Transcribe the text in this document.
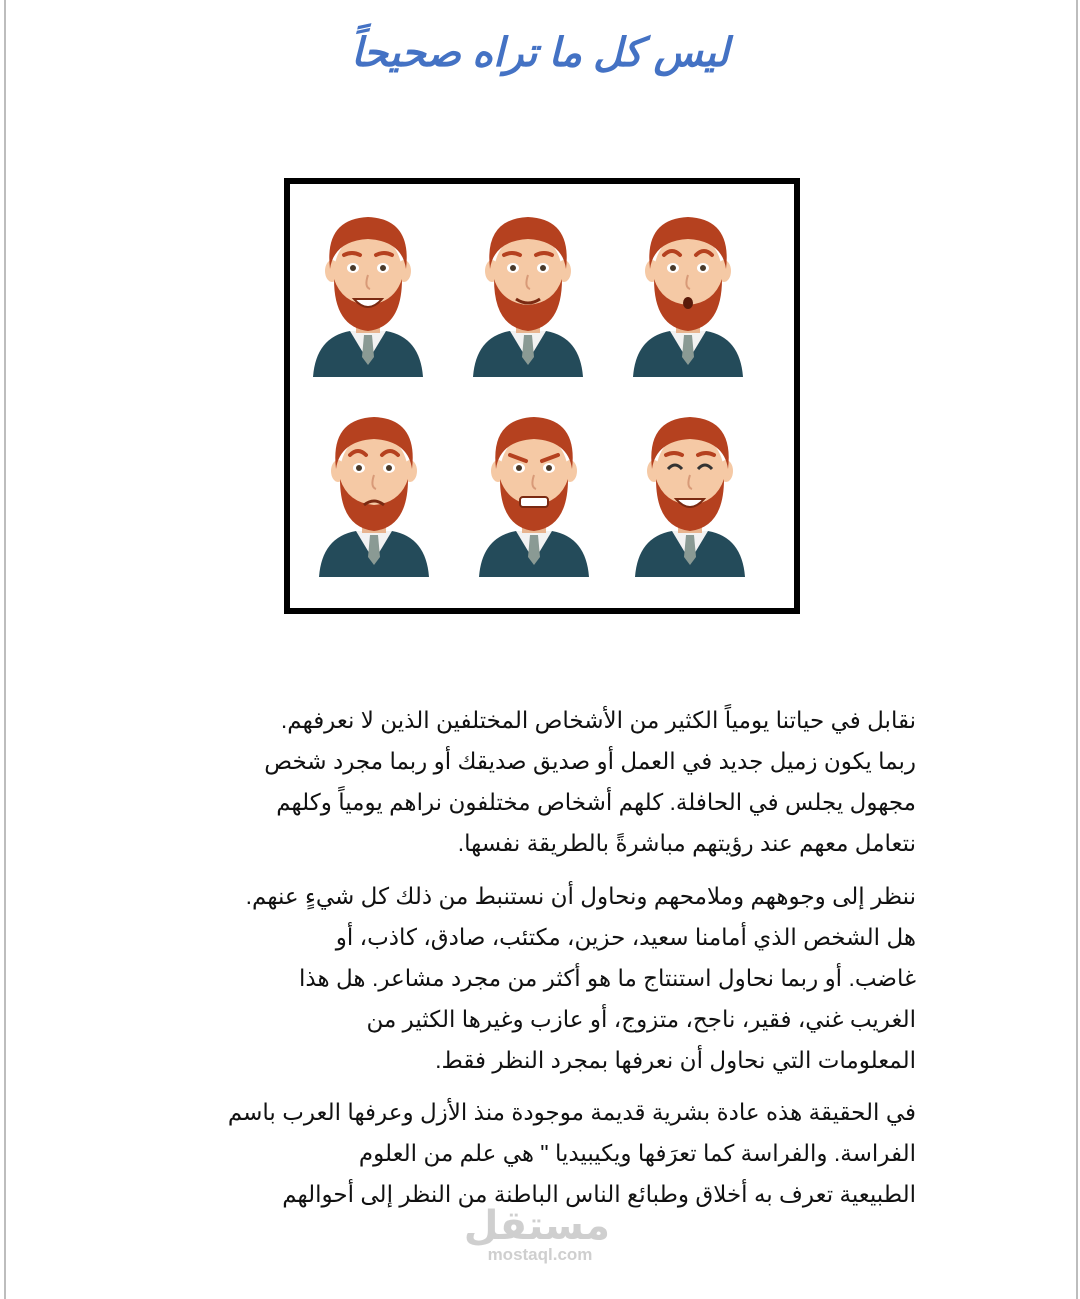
ليس كل ما تراه صحيحاً
نقابل في حياتنا يومياً الكثير من الأشخاص المختلفين الذين لا نعرفهم.
ربما يكون زميل جديد في العمل أو صديق صديقك أو ربما مجرد شخص
مجهول يجلس في الحافلة. كلهم أشخاص مختلفون نراهم يومياً وكلهم
نتعامل معهم عند رؤيتهم مباشرةً بالطريقة نفسها.
ننظر إلى وجوههم وملامحهم ونحاول أن نستنبط من ذلك كل شيءٍ عنهم.
هل الشخص الذي أمامنا سعيد، حزين، مكتئب، صادق، كاذب، أو
غاضب. أو ربما نحاول استنتاج ما هو أكثر من مجرد مشاعر. هل هذا
الغريب غني، فقير، ناجح، متزوج، أو عازب وغيرها الكثير من
المعلومات التي نحاول أن نعرفها بمجرد النظر فقط.
في الحقيقة هذه عادة بشرية قديمة موجودة منذ الأزل وعرفها العرب باسم
الفراسة. والفراسة كما تعرَفها ويكيبيديا " هي علم من العلوم
الطبيعية تعرف به أخلاق وطبائع الناس الباطنة من النظر إلى أحوالهم
مستقل
mostaql.com
